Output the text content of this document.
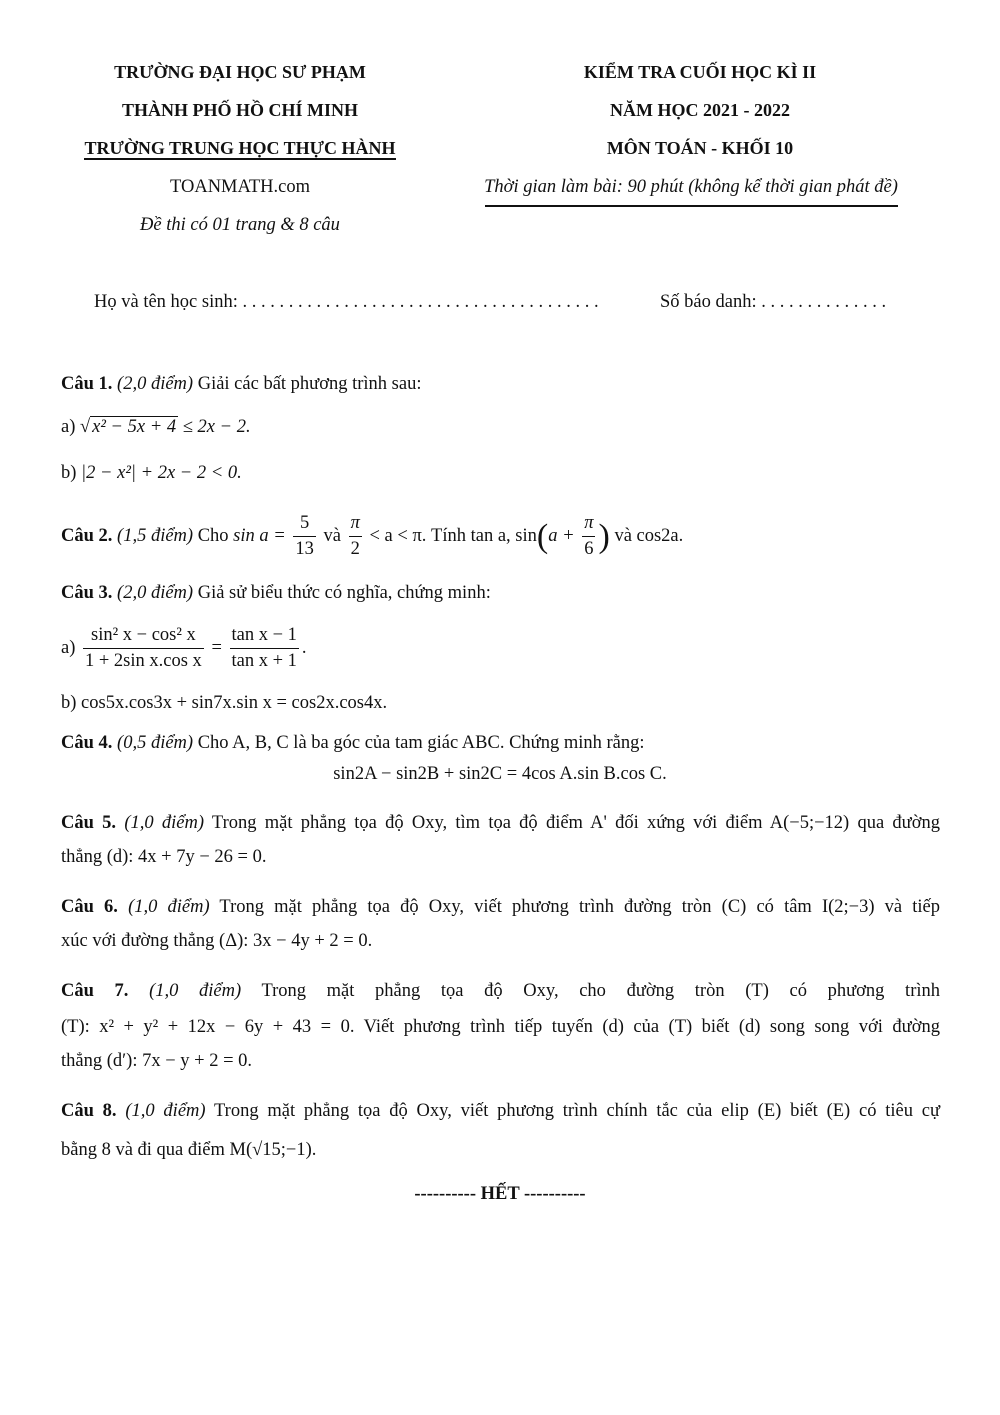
TRƯỜNG ĐẠI HỌC SƯ PHẠM
THÀNH PHỐ HỒ CHÍ MINH
TRƯỜNG TRUNG HỌC THỰC HÀNH
TOANMATH.com
Đề thi có 01 trang & 8 câu
KIỂM TRA CUỐI HỌC KÌ II
NĂM HỌC 2021 - 2022
MÔN TOÁN - KHỐI 10
Thời gian làm bài: 90 phút (không kể thời gian phát đề)
Họ và tên học sinh: . . . . . . . . . . . . . . . . . . . . . . . . . . . . . . . . . . . . . . .	Số báo danh: . . . . . . . . . . . . . .
Câu 1. (2,0 điểm) Giải các bất phương trình sau:
a) √ x² − 5x + 4 ≤ 2x − 2.
b) |2 − x²| + 2x − 2 < 0.
Câu 2. (1,5 điểm) Cho $\sin a = \frac{5}{13}$ và $\frac{\pi}{2} < a < \pi$. Tính tan a, $\sin(a + \frac{\pi}{6}$ ) và cos2a.
Câu 3. (2,0 điểm) Giả sử biểu thức có nghĩa, chứng minh:
$a) \frac{\text{sin² x − cos² x}}{\text{1 + 2sin x.cos x}} = \frac{\text{tan x − 1}}{\text{tan x + 1}}$ .
b) cos5x.cos3x + sin7x.sin x = cos2x.cos4x.
Câu 4. (0,5 điểm) Cho A, B, C là ba góc của tam giác ABC. Chứng minh rằng:
sin2A − sin2B + sin2C = 4cos A.sin B.cos C.
Câu 5. (1,0 điểm) Trong mặt phẳng tọa độ Oxy, tìm tọa độ điểm A' đối xứng với điểm A(−5;−12) qua đường
thẳng (d): 4x + 7y − 26 = 0.
Câu 6. (1,0 điểm) Trong mặt phẳng tọa độ Oxy, viết phương trình đường tròn (C) có tâm I(2;−3) và tiếp
xúc với đường thẳng (Δ): 3x − 4y + 2 = 0.
Câu 7. (1,0 điểm) Trong mặt phẳng tọa độ Oxy, cho đường tròn (T) có phương trình
(T): x² + y² + 12x − 6y + 43 = 0. Viết phương trình tiếp tuyến (d) của (T) biết (d) song song với đường
thẳng (d′): 7x − y + 2 = 0.
Câu 8. (1,0 điểm) Trong mặt phẳng tọa độ Oxy, viết phương trình chính tắc của elip (E) biết (E) có tiêu cự
bằng 8 và đi qua điểm M(√15;−1).
---------- HẾT ----------
